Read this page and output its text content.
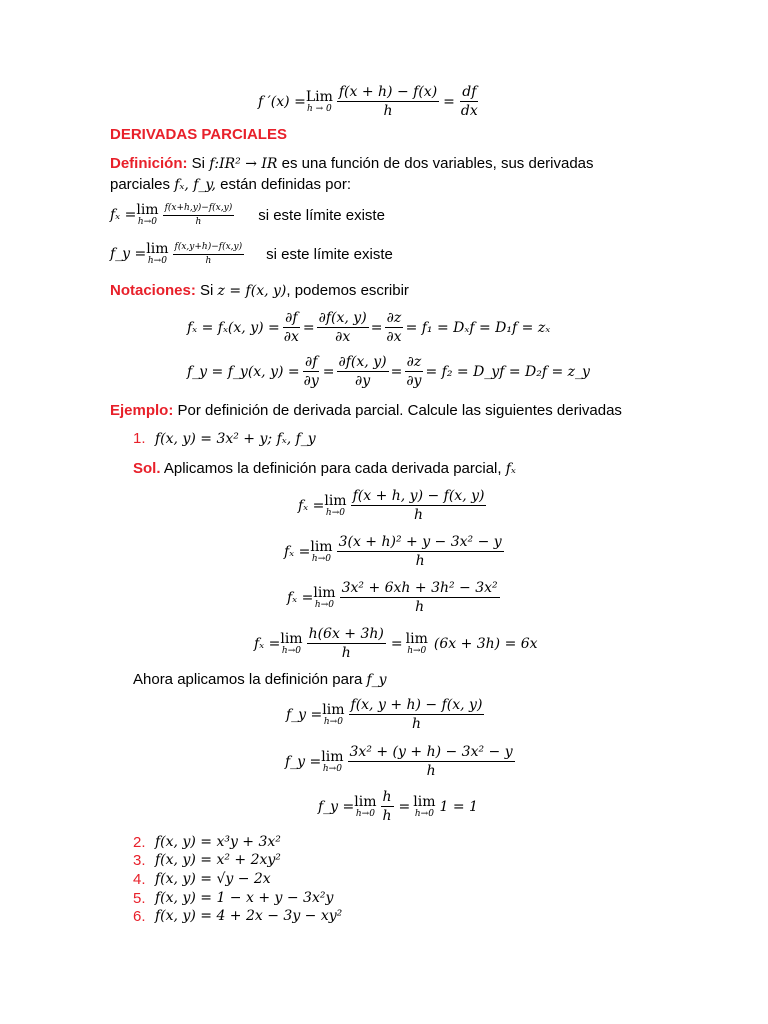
f ′(x) = Lim
$h \to 0 \frac{f(x + h) - f(x)}{h} = \frac{df}{dx}$
DERIVADAS PARCIALES
Definición: Si f:IR² → IR es una función de dos variables, sus derivadas
parciales fₓ, f_y, están definidas por:
fₓ = lim
$h\to 0 \frac{f(x+h,y)-f(x,y)}{h}$ si este límite existe
f_y = lim
$h\to 0 \frac{f(x,y+h)-f(x,y)}{h}$ si este límite existe
Notaciones: Si z = f(x, y), podemos escribir
fₓ = fₓ(x, $y) = \frac{\partial f}{\partial x} = \frac{\partial f(x, y)}{\partial x} = \frac{\partial z}{\partial x} = f_1 = D_xf = D_1f = z_x$
f_y = f_y(x, $y) = \frac{\partial f}{\partial y} = \frac{\partial f(x, y)}{\partial y} = \frac{\partial z}{\partial y} = f_2$ = D_yf = D₂f = z_y
Ejemplo: Por definición de derivada parcial. Calcule las siguientes derivadas
1. f(x, y) = 3x² + y; fₓ, f_y
Sol. Aplicamos la definición para cada derivada parcial, fₓ
fₓ = lim
$h\to 0 \frac{f(x + h, y) - f(x, y)}{h}$
fₓ = lim
$h\to 0 \frac{\text{3(x + h)² + y − 3x² − y}}{h}$
fₓ = lim
$h\to 0 \frac{\text{3x² + 6xh + 3h² − 3x²}}{h}$
fₓ = lim
$h\to 0 \frac{h(6x + 3h)}{h} = \lim$
h→0 (6x + 3h) = 6x
Ahora aplicamos la definición para f_y
f_y = lim
$h\to 0 \frac{f(x, y + h) - f(x, y)}{h}$
f_y = lim
$h\to 0 \frac{\text{3x² + (y + h) − 3x² − y}}{h}$
f_y = lim
$h\to 0 \frac{h}{h} = \lim$
h→0 1 = 1
2. f(x, y) = x³y + 3x²
3. f(x, y) = x² + 2xy²
4. f(x, y) = √y − 2x
5. f(x, y) = 1 − x + y − 3x²y
6. f(x, y) = 4 + 2x − 3y − xy²
